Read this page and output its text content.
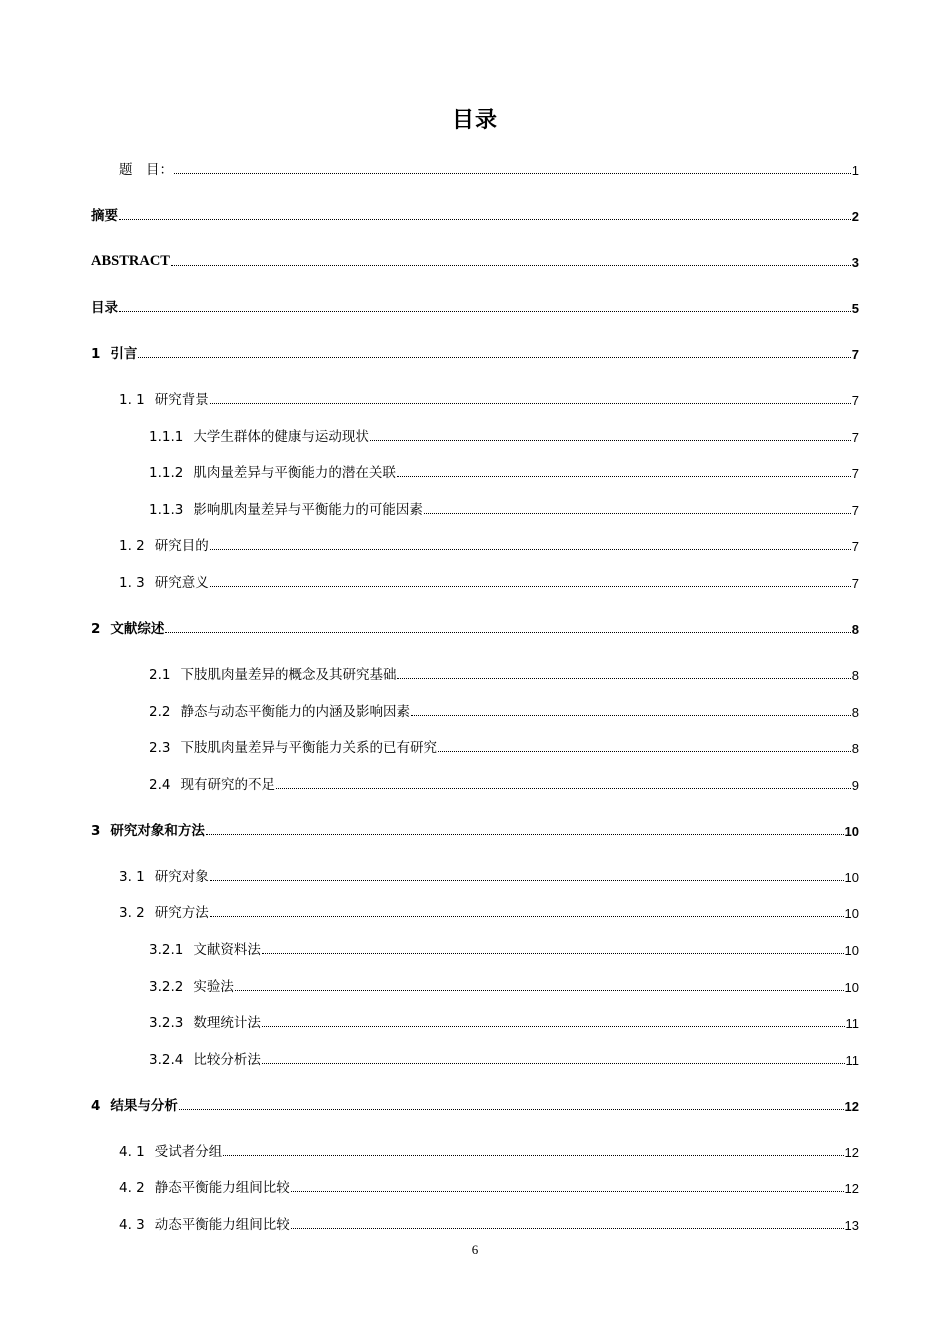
目录
题　目：	1
摘要	2
ABSTRACT	3
目录	5
1 引言	7
1. 1 研究背景	7
1.1.1 大学生群体的健康与运动现状	7
1.1.2 肌肉量差异与平衡能力的潜在关联	7
1.1.3 影响肌肉量差异与平衡能力的可能因素	7
1. 2 研究目的	7
1. 3 研究意义	7
2 文献综述	8
2.1 下肢肌肉量差异的概念及其研究基础	8
2.2 静态与动态平衡能力的内涵及影响因素	8
2.3 下肢肌肉量差异与平衡能力关系的已有研究	8
2.4 现有研究的不足	9
3 研究对象和方法	10
3. 1 研究对象	10
3. 2 研究方法	10
3.2.1 文献资料法	10
3.2.2 实验法	10
3.2.3 数理统计法	11
3.2.4 比较分析法	11
4 结果与分析	12
4. 1 受试者分组	12
4. 2 静态平衡能力组间比较	12
4. 3 动态平衡能力组间比较	13
6
